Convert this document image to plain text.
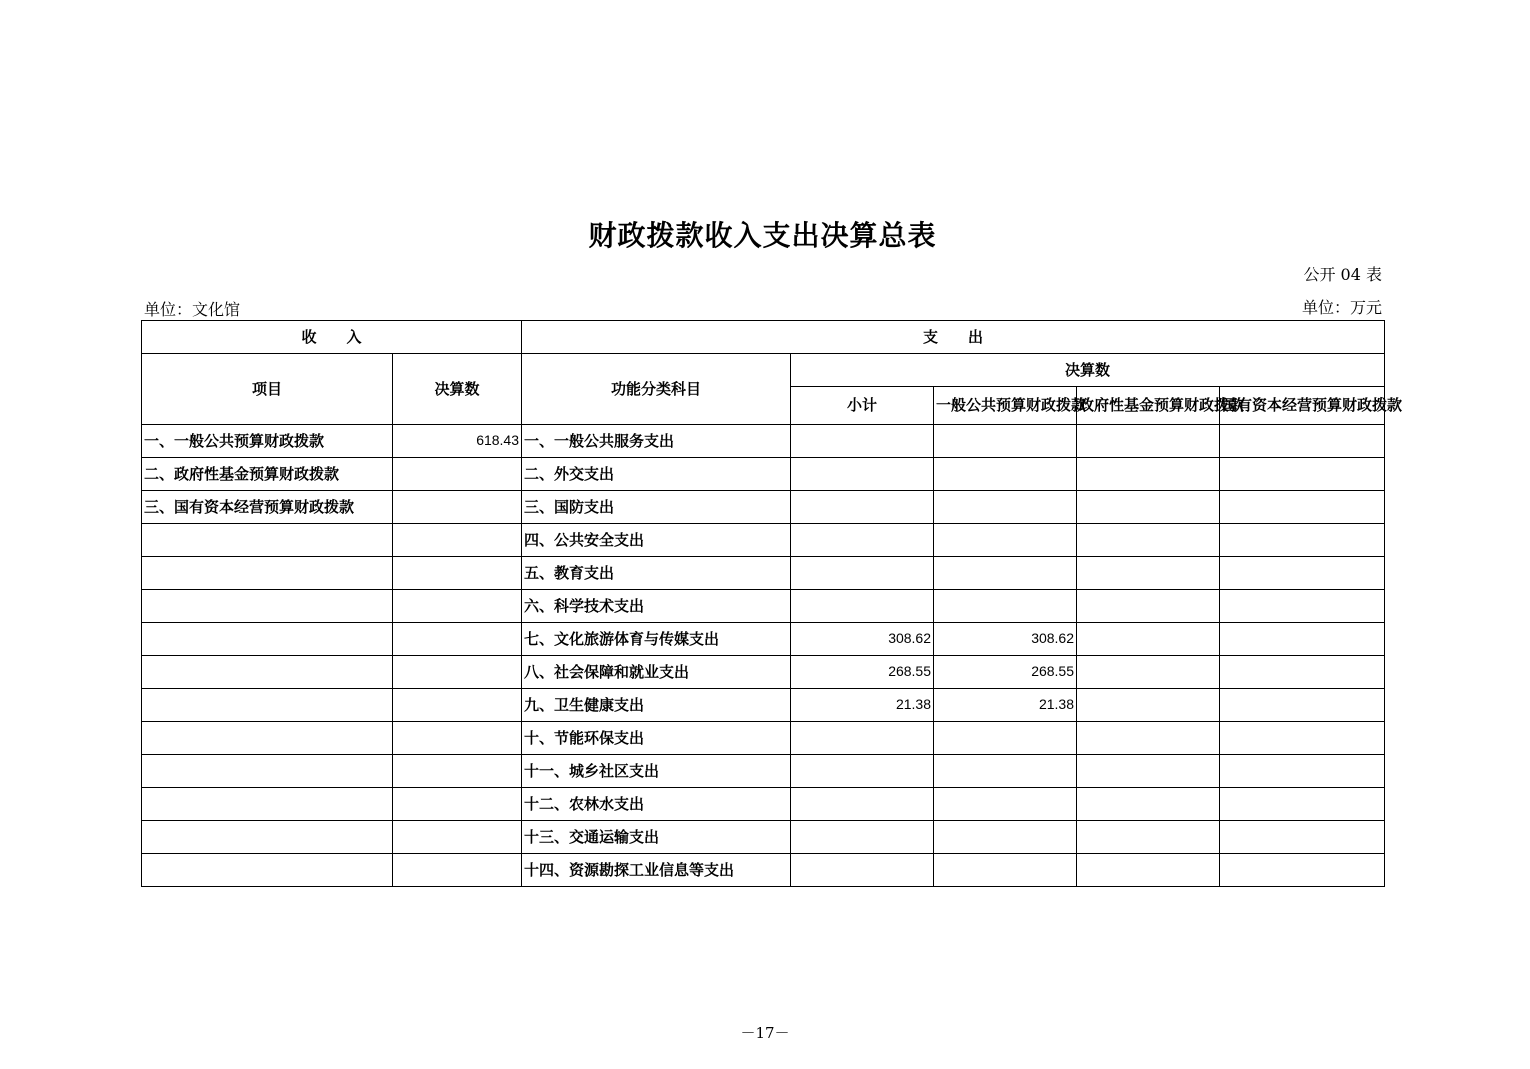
财政拨款收入支出决算总表
公开 04 表
单位：文化馆	单位：万元
收　　入		支　　出				
项目	决算数	功能分类科目	决算数			
			小计	一般公共预算财政拨款	政府性基金预算财政拨款	国有资本经营预算财政拨款
一、一般公共预算财政拨款	618.43	一、一般公共服务支出				
二、政府性基金预算财政拨款		二、外交支出				
三、国有资本经营预算财政拨款		三、国防支出				
		四、公共安全支出				
		五、教育支出				
		六、科学技术支出				
		七、文化旅游体育与传媒支出	308.62	308.62		
		八、社会保障和就业支出	268.55	268.55		
		九、卫生健康支出	21.38	21.38		
		十、节能环保支出				
		十一、城乡社区支出				
		十二、农林水支出				
		十三、交通运输支出				
		十四、资源勘探工业信息等支出				
－17－
